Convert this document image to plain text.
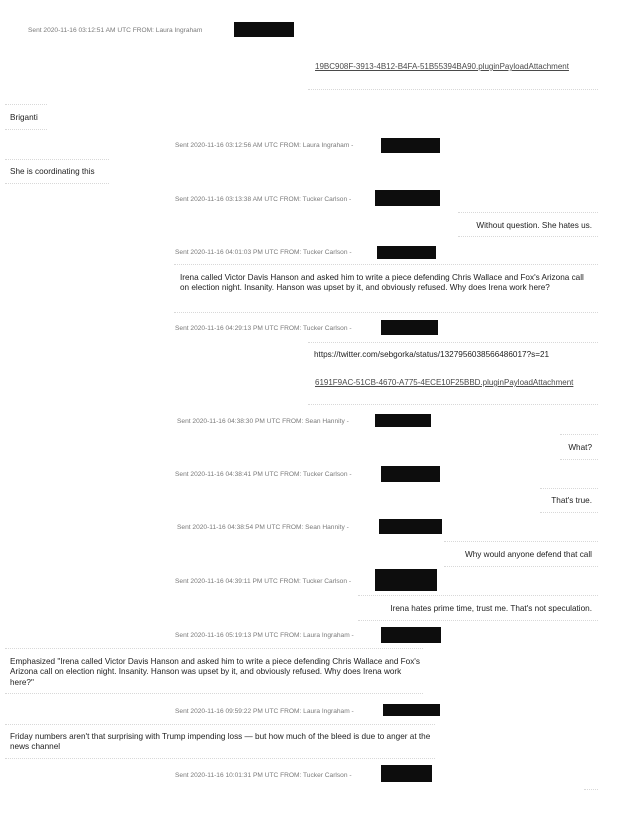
Sent 2020-11-16 03:12:51 AM UTC FROM: Laura Ingraham
19BC908F-3913-4B12-B4FA-51B55394BA90.pluginPayloadAttachment
Briganti
Sent 2020-11-16 03:12:56 AM UTC FROM: Laura Ingraham -
She is coordinating this
Sent 2020-11-16 03:13:38 AM UTC FROM: Tucker Carlson -
Without question. She hates us.
Sent 2020-11-16 04:01:03 PM UTC FROM: Tucker Carlson -
Irena called Victor Davis Hanson and asked him to write a piece defending Chris Wallace and Fox's Arizona call on election night. Insanity. Hanson was upset by it, and obviously refused. Why does Irena work here?
Sent 2020-11-16 04:29:13 PM UTC FROM: Tucker Carlson -
https://twitter.com/sebgorka/status/1327956038566486017?s=21
6191F9AC-51CB-4670-A775-4ECE10F25BBD.pluginPayloadAttachment
Sent 2020-11-16 04:38:30 PM UTC FROM: Sean Hannity -
What?
Sent 2020-11-16 04:38:41 PM UTC FROM: Tucker Carlson -
That's true.
Sent 2020-11-16 04:38:54 PM UTC FROM: Sean Hannity -
Why would anyone defend that call
Sent 2020-11-16 04:39:11 PM UTC FROM: Tucker Carlson -
Irena hates prime time, trust me. That's not speculation.
Sent 2020-11-16 05:19:13 PM UTC FROM: Laura Ingraham -
Emphasized "Irena called Victor Davis Hanson and asked him to write a piece defending Chris Wallace and Fox's Arizona call on election night. Insanity. Hanson was upset by it, and obviously refused. Why does Irena work here?"
Sent 2020-11-16 09:59:22 PM UTC FROM: Laura Ingraham -
Friday numbers aren't that surprising with Trump impending loss — but how much of the bleed is due to anger at the news channel
Sent 2020-11-16 10:01:31 PM UTC FROM: Tucker Carlson -
